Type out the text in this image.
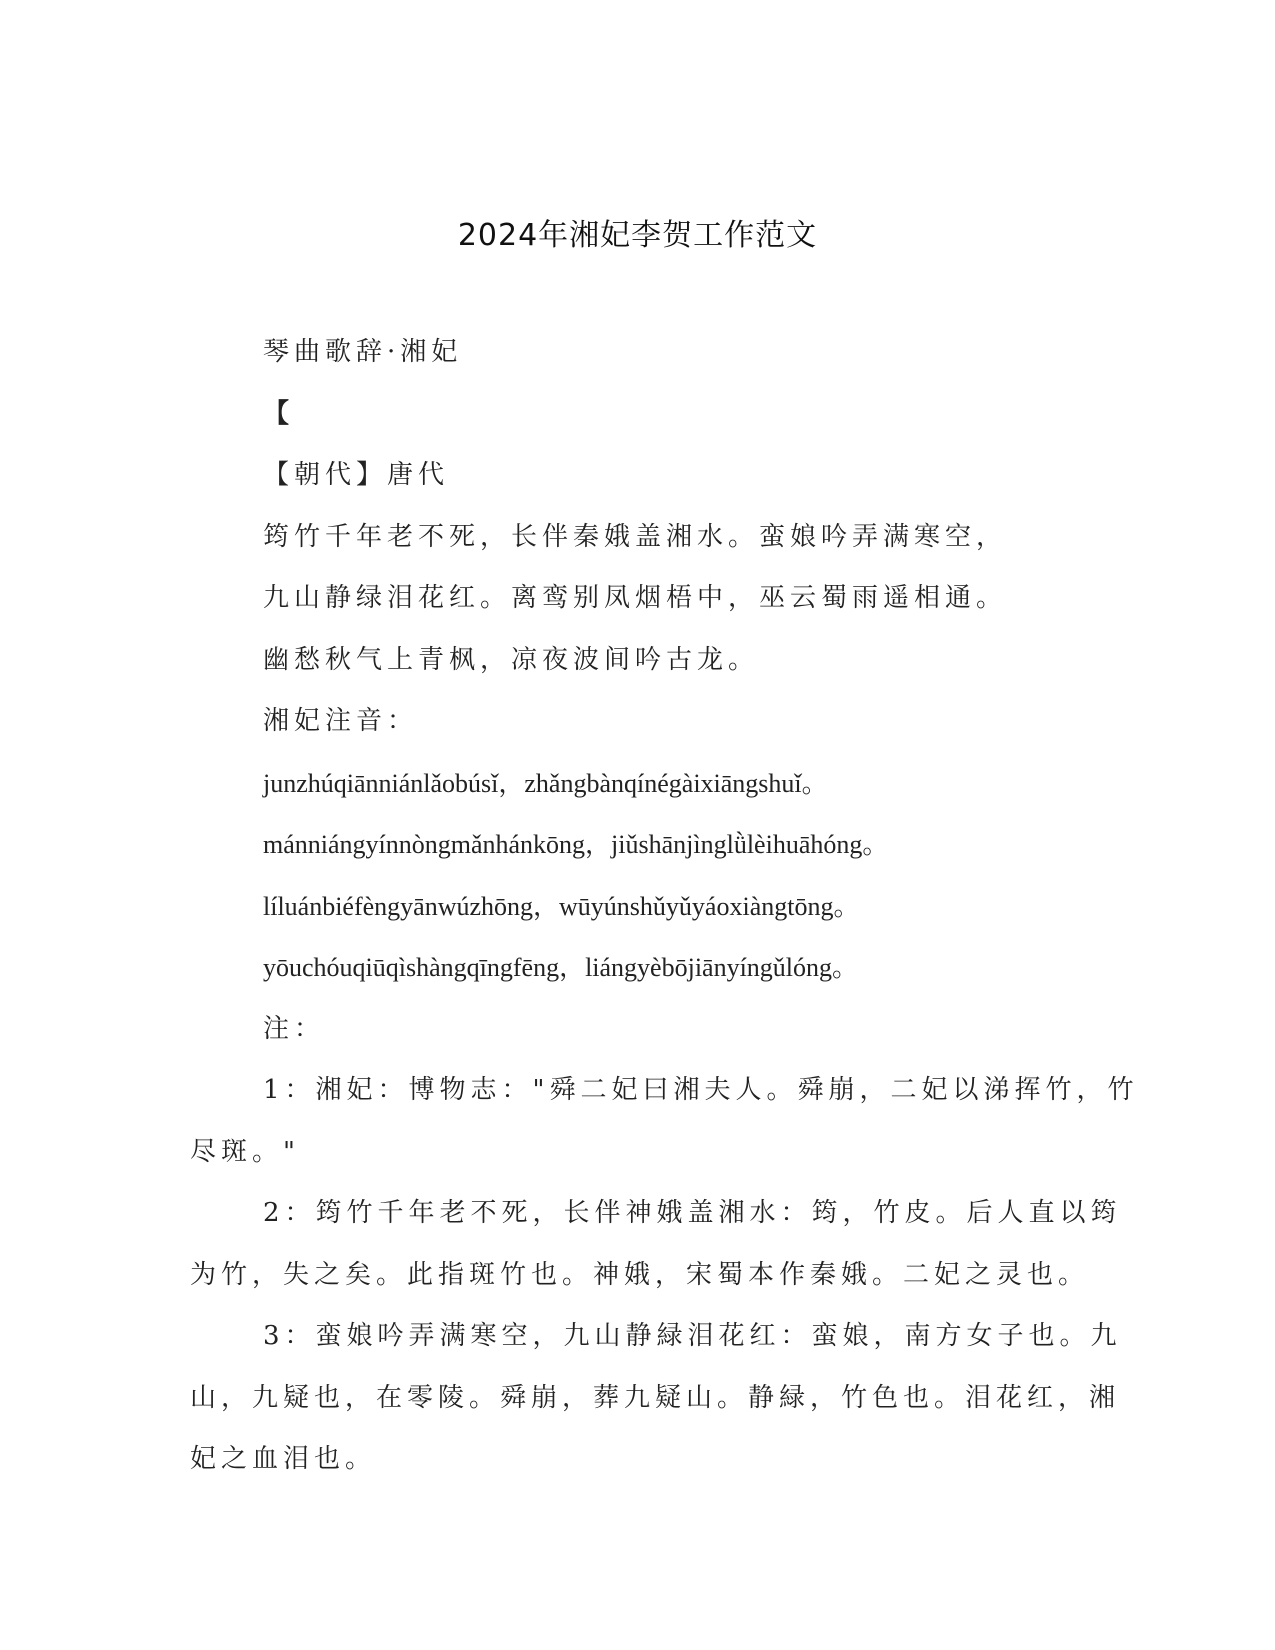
2024年湘妃李贺工作范文
琴曲歌辞·湘妃
【
【朝代】唐代
筠竹千年老不死，长伴秦娥盖湘水。蛮娘吟弄满寒空，
九山静绿泪花红。离鸾别凤烟梧中，巫云蜀雨遥相通。
幽愁秋气上青枫，凉夜波间吟古龙。
湘妃注音：
junzhúqiānniánlǎobúsǐ，zhǎngbànqínégàixiāngshuǐ。
mánniángyínnòngmǎnhánkōng，jiǔshānjìnglǜlèihuāhóng。
líluánbiéfèngyānwúzhōng，wūyúnshǔyǔyáoxiàngtōng。
yōuchóuqiūqìshàngqīngfēng，liángyèbōjiānyíngǔlóng。
注：
1：湘妃：博物志："舜二妃曰湘夫人。舜崩，二妃以涕挥竹，竹
尽斑。"
2：筠竹千年老不死，长伴神娥盖湘水：筠，竹皮。后人直以筠
为竹，失之矣。此指斑竹也。神娥，宋蜀本作秦娥。二妃之灵也。
3：蛮娘吟弄满寒空，九山静緑泪花红：蛮娘，南方女子也。九
山，九疑也，在零陵。舜崩，葬九疑山。静緑，竹色也。泪花红，湘
妃之血泪也。
